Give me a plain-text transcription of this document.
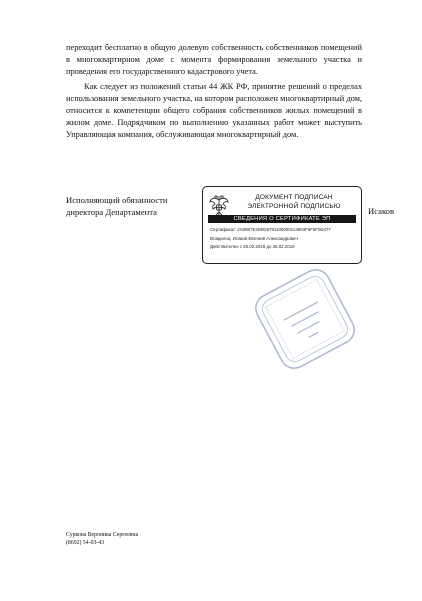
переходит бесплатно в общую долевую собственность собственников помещений в многоквартирном доме с момента формирования земельного участка и проведения его государственного кадастрового учета.

Как следует из положений статьи 44 ЖК РФ, принятие решений о пределах использования земельного участка, на котором расположен многоквартирный дом, относится к компетенции общего собрания собственников жилых помещений в жилом доме. Подрядчиком по выполнению указанных работ может выступить Управляющая компания, обслуживающая многоквартирный дом.

Исполняющий обязанности директора Департамента
ДОКУМЕНТ ПОДПИСАН
ЭЛЕКТРОННОЙ ПОДПИСЬЮ
СВЕДЕНИЯ О СЕРТИФИКАТЕ ЭП
Сертификат: 2A0887E2D8D6761100000113803F6F6F0D477
Владелец: Исаков Евгений Александрович
Действителен с 26.02.2018 до 26.02.2019
Исаков
Суркова Вероника Сергеевна
(8692) 54-03-43
